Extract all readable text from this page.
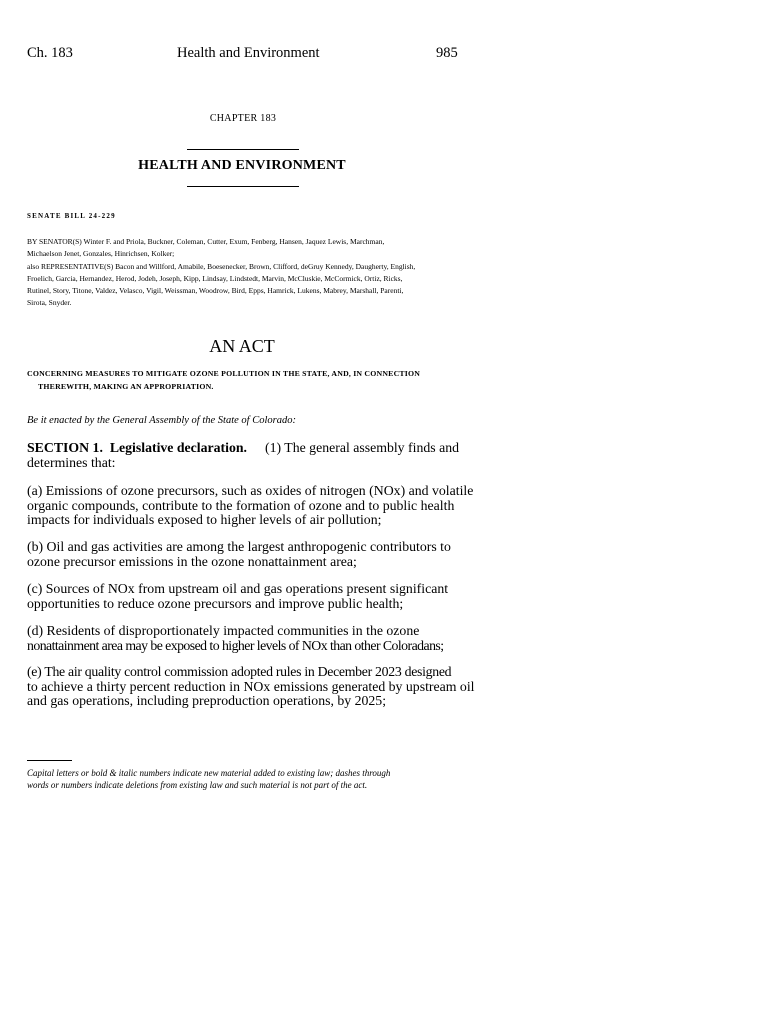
Ch. 183	Health and Environment	985
CHAPTER 183
HEALTH AND ENVIRONMENT
SENATE BILL 24-229
BY SENATOR(S) Winter F. and Priola, Buckner, Coleman, Cutter, Exum, Fenberg, Hansen, Jaquez Lewis, Marchman,
Michaelson Jenet, Gonzales, Hinrichsen, Kolker;
also REPRESENTATIVE(S) Bacon and Willford, Amabile, Boesenecker, Brown, Clifford, deGruy Kennedy, Daugherty, English,
Froelich, Garcia, Hernandez, Herod, Jodeh, Joseph, Kipp, Lindsay, Lindstedt, Marvin, McCluskie, McCormick, Ortiz, Ricks,
Rutinel, Story, Titone, Valdez, Velasco, Vigil, Weissman, Woodrow, Bird, Epps, Hamrick, Lukens, Mabrey, Marshall, Parenti,
Sirota, Snyder.
AN ACT
CONCERNING MEASURES TO MITIGATE OZONE POLLUTION IN THE STATE, AND, IN CONNECTION
THEREWITH, MAKING AN APPROPRIATION.
Be it enacted by the General Assembly of the State of Colorado:
SECTION 1. Legislative declaration. (1) The general assembly finds and
determines that:
(a) Emissions of ozone precursors, such as oxides of nitrogen (NOx) and volatile
organic compounds, contribute to the formation of ozone and to public health
impacts for individuals exposed to higher levels of air pollution;
(b) Oil and gas activities are among the largest anthropogenic contributors to
ozone precursor emissions in the ozone nonattainment area;
(c) Sources of NOx from upstream oil and gas operations present significant
opportunities to reduce ozone precursors and improve public health;
(d) Residents of disproportionately impacted communities in the ozone
nonattainment area may be exposed to higher levels of NOx than other Coloradans;
(e) The air quality control commission adopted rules in December 2023 designed
to achieve a thirty percent reduction in NOx emissions generated by upstream oil
and gas operations, including preproduction operations, by 2025;
Capital letters or bold & italic numbers indicate new material added to existing law; dashes through
words or numbers indicate deletions from existing law and such material is not part of the act.
